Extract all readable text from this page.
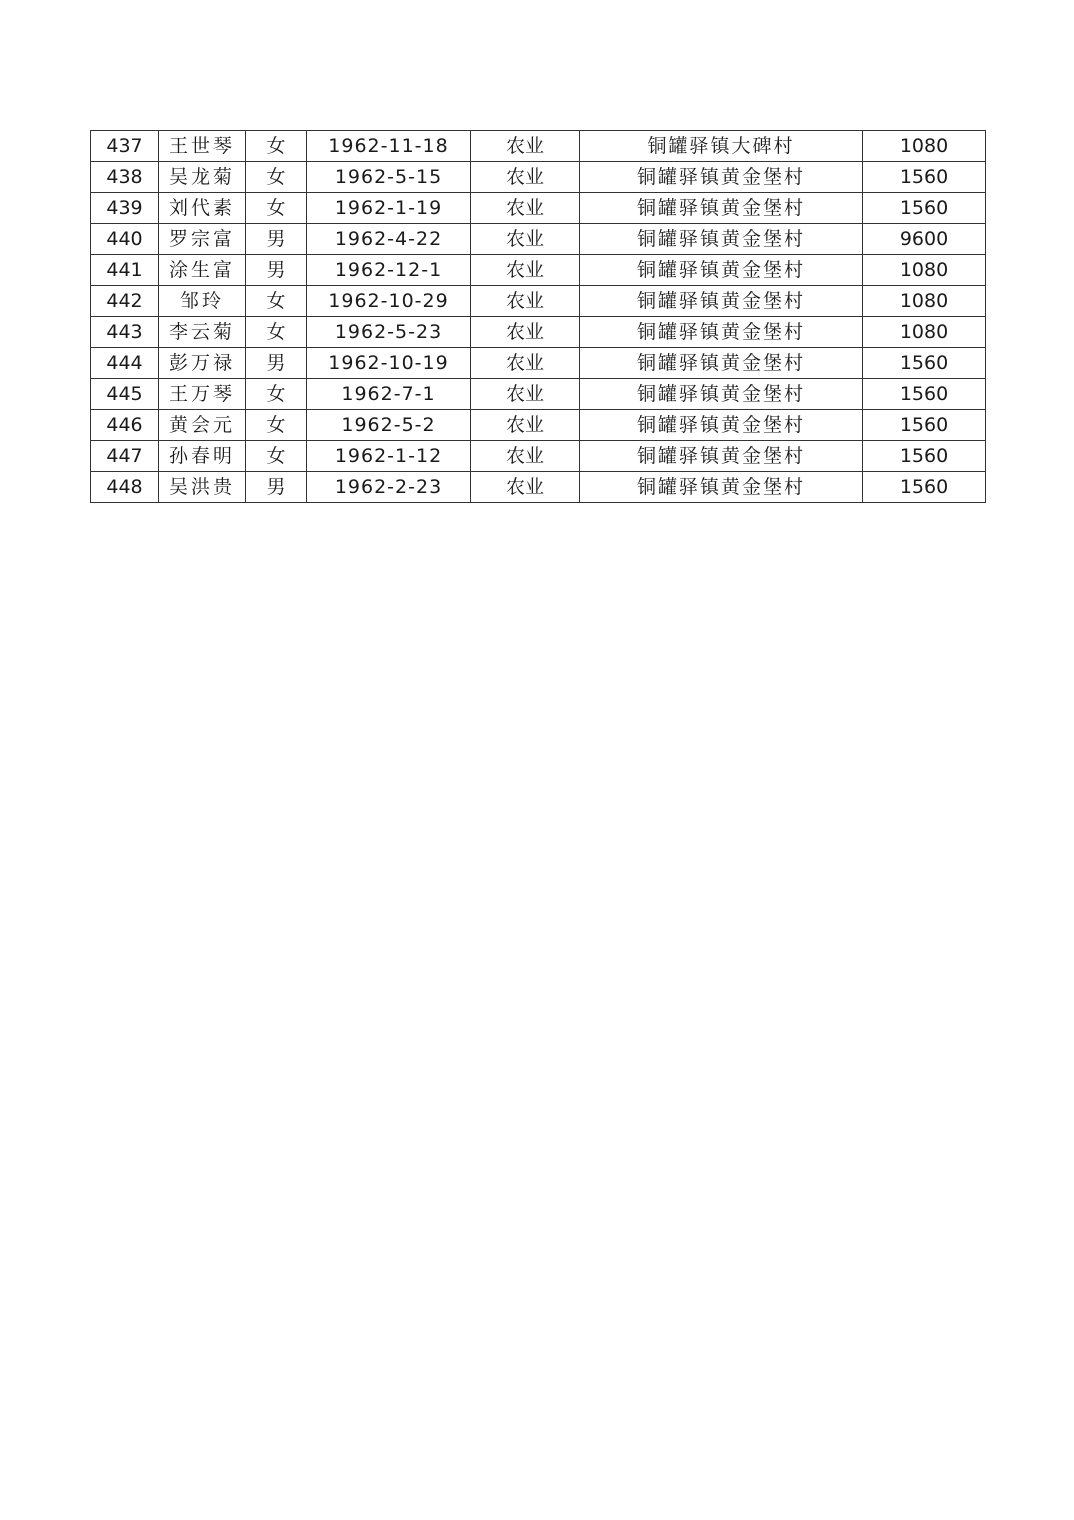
437	王世琴	女	1962-11-18	农业	铜罐驿镇大碑村	1080
438	吴龙菊	女	1962-5-15	农业	铜罐驿镇黄金堡村	1560
439	刘代素	女	1962-1-19	农业	铜罐驿镇黄金堡村	1560
440	罗宗富	男	1962-4-22	农业	铜罐驿镇黄金堡村	9600
441	涂生富	男	1962-12-1	农业	铜罐驿镇黄金堡村	1080
442	邹玲	女	1962-10-29	农业	铜罐驿镇黄金堡村	1080
443	李云菊	女	1962-5-23	农业	铜罐驿镇黄金堡村	1080
444	彭万禄	男	1962-10-19	农业	铜罐驿镇黄金堡村	1560
445	王万琴	女	1962-7-1	农业	铜罐驿镇黄金堡村	1560
446	黄会元	女	1962-5-2	农业	铜罐驿镇黄金堡村	1560
447	孙春明	女	1962-1-12	农业	铜罐驿镇黄金堡村	1560
448	吴洪贵	男	1962-2-23	农业	铜罐驿镇黄金堡村	1560
